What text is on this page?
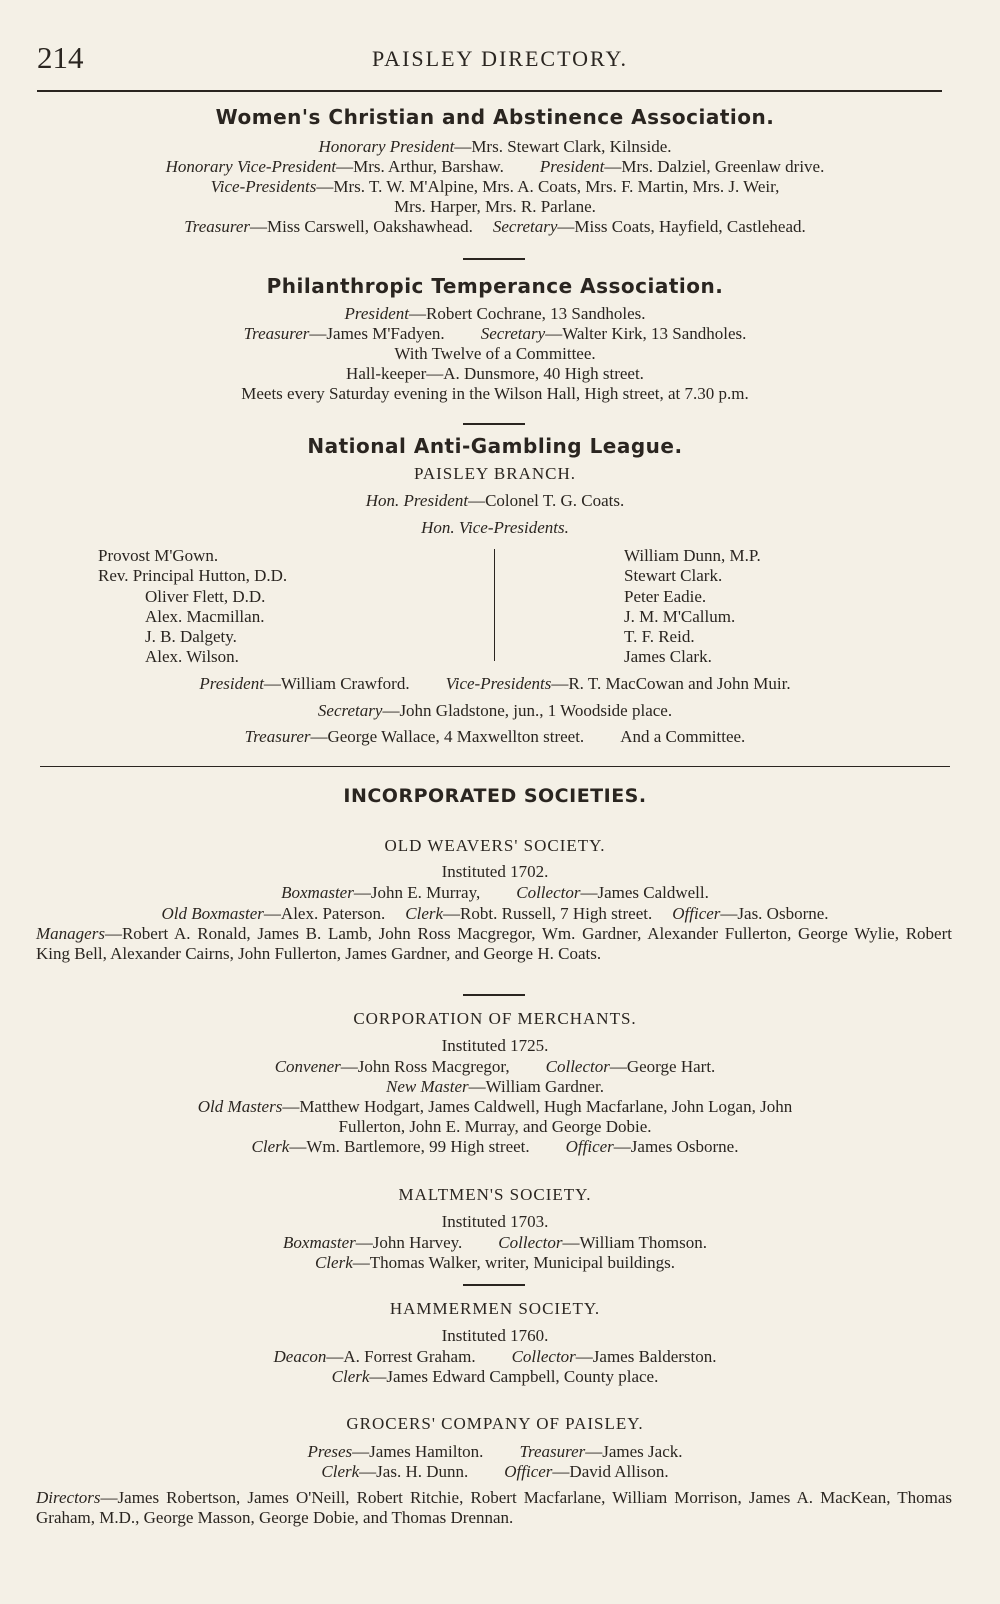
214	PAISLEY DIRECTORY.
Women's Christian and Abstinence Association.
Honorary President—Mrs. Stewart Clark, Kilnside.
Honorary Vice-President—Mrs. Arthur, Barshaw. President—Mrs. Dalziel, Greenlaw drive.
Vice-Presidents—Mrs. T. W. M'Alpine, Mrs. A. Coats, Mrs. F. Martin, Mrs. J. Weir,
Mrs. Harper, Mrs. R. Parlane.
Treasurer—Miss Carswell, Oakshawhead. Secretary—Miss Coats, Hayfield, Castlehead.
Philanthropic Temperance Association.
President—Robert Cochrane, 13 Sandholes.
Treasurer—James M'Fadyen. Secretary—Walter Kirk, 13 Sandholes.
With Twelve of a Committee.
Hall-keeper—A. Dunsmore, 40 High street.
Meets every Saturday evening in the Wilson Hall, High street, at 7.30 p.m.
National Anti-Gambling League.
PAISLEY BRANCH.
Hon. President—Colonel T. G. Coats.
Hon. Vice-Presidents.
Provost M'Gown.
Rev. Principal Hutton, D.D.
Oliver Flett, D.D.
Alex. Macmillan.
J. B. Dalgety.
Alex. Wilson.
William Dunn, M.P.
Stewart Clark.
Peter Eadie.
J. M. M'Callum.
T. F. Reid.
James Clark.
President—William Crawford. Vice-Presidents—R. T. MacCowan and John Muir.
Secretary—John Gladstone, jun., 1 Woodside place.
Treasurer—George Wallace, 4 Maxwellton street. And a Committee.
INCORPORATED SOCIETIES.
OLD WEAVERS' SOCIETY.
Instituted 1702.
Boxmaster—John E. Murray, Collector—James Caldwell.
Old Boxmaster—Alex. Paterson. Clerk—Robt. Russell, 7 High street. Officer—Jas. Osborne.
Managers—Robert A. Ronald, James B. Lamb, John Ross Macgregor, Wm. Gardner, Alexander Fullerton, George Wylie, Robert King Bell, Alexander Cairns, John Fullerton, James Gardner, and George H. Coats.
CORPORATION OF MERCHANTS.
Instituted 1725.
Convener—John Ross Macgregor, Collector—George Hart.
New Master—William Gardner.
Old Masters—Matthew Hodgart, James Caldwell, Hugh Macfarlane, John Logan, John
Fullerton, John E. Murray, and George Dobie.
Clerk—Wm. Bartlemore, 99 High street. Officer—James Osborne.
MALTMEN'S SOCIETY.
Instituted 1703.
Boxmaster—John Harvey. Collector—William Thomson.
Clerk—Thomas Walker, writer, Municipal buildings.
HAMMERMEN SOCIETY.
Instituted 1760.
Deacon—A. Forrest Graham. Collector—James Balderston.
Clerk—James Edward Campbell, County place.
GROCERS' COMPANY OF PAISLEY.
Preses—James Hamilton. Treasurer—James Jack.
Clerk—Jas. H. Dunn. Officer—David Allison.
Directors—James Robertson, James O'Neill, Robert Ritchie, Robert Macfarlane, William Morrison, James A. MacKean, Thomas Graham, M.D., George Masson, George Dobie, and Thomas Drennan.
